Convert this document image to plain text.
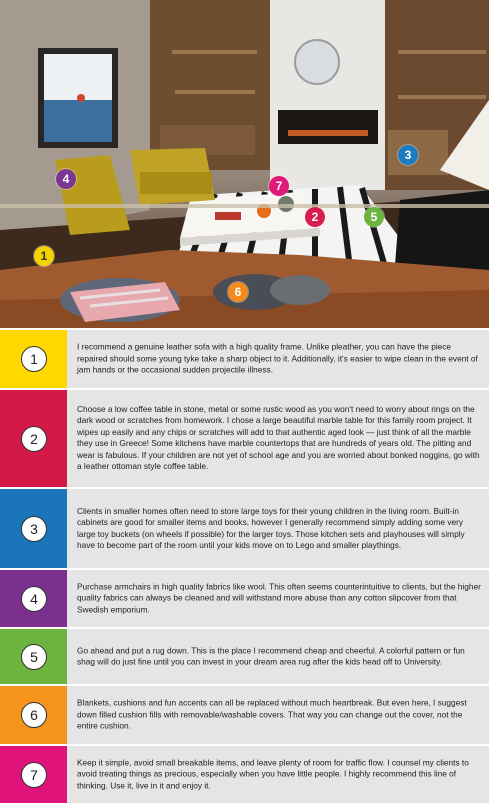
1
2
3
4
5
6
7
1

I recommend a genuine leather sofa with a high quality frame. Unlike pleather, you can have the piece repaired should some young tyke take a sharp object to it. Additionally, it's easier to wipe clean in the event of jam hands or the occasional sudden projectile illness.

2

Choose a low coffee table in stone, metal or some rustic wood as you won't need to worry about rings on the dark wood or scratches from homework. I chose a large beautiful marble table for this family room project. It wipes up easily and any chips or scratches will add to that authentic aged look — just think of all the marble they use in Greece! Some kitchens have marble countertops that are hundreds of years old. The pitting and wear is fabulous. If your children are not yet of school age and you are worried about bonked noggins, go with a leather ottoman style coffee table.

3

Clients in smaller homes often need to store large toys for their young children in the living room. Built-in cabinets are good for smaller items and books, however I generally recommend simply adding some very large toy buckets (on wheels if possible) for the larger toys. Those kitchen sets and playhouses will simply have to become part of the room until your kids move on to Lego and smaller playthings.

4

Purchase armchairs in high quality fabrics like wool. This often seems counterintuitive to clients, but the higher quality fabrics can always be cleaned and will withstand more abuse than any cotton slipcover from that Swedish emporium.

5	Go ahead and put a rug down. This is the place I recommend cheap and cheerful. A colorful pattern or fun shag will do just fine until you can invest in your dream area rug after the kids head off to University.

6

Blankets, cushions and fun accents can all be replaced without much heartbreak. But even here, I suggest down filled cushion fills with removable/washable covers. That way you can change out the cover, not the entire cushion.

7

Keep it simple, avoid small breakable items, and leave plenty of room for traffic flow. I counsel my clients to avoid treating things as precious, especially when you have little people. I highly recommend this line of thinking. Use it, live in it and enjoy it.
